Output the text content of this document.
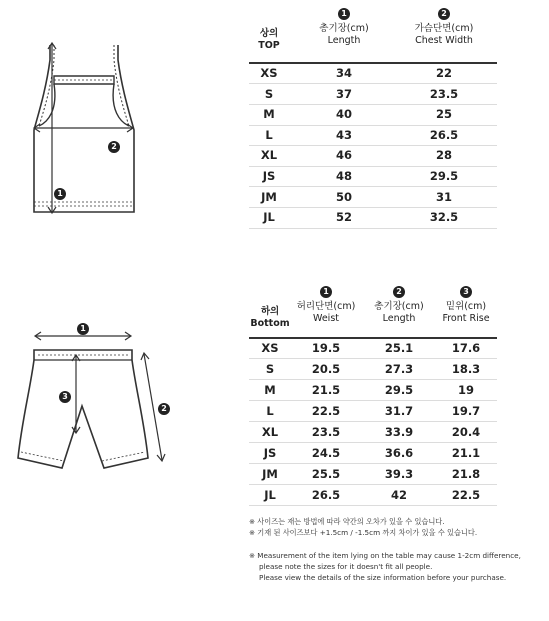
1
2
상의
TOP
1
총기장(cm)
Length
2
가슴단면(cm)
Chest Width
XS	34	22
S	37	23.5
M	40	25
L	43	26.5
XL	46	28
JS	48	29.5
JM	50	31
JL	52	32.5
1
2
3
하의
Bottom
1
허리단면(cm)
Weist
2
총기장(cm)
Length
3
밑위(cm)
Front Rise
XS	19.5	25.1	17.6
S	20.5	27.3	18.3
M	21.5	29.5	19
L	22.5	31.7	19.7
XL	23.5	33.9	20.4
JS	24.5	36.6	21.1
JM	25.5	39.3	21.8
JL	26.5	42	22.5
※ 사이즈는 재는 방법에 따라 약간의 오차가 있을 수 있습니다.
※ 기재 된 사이즈보다 +1.5cm / -1.5cm 까지 차이가 있을 수 있습니다.
※ Measurement of the item lying on the table may cause 1-2cm difference,
please note the sizes for it doesn't fit all people.
Please view the details of the size information before your purchase.
